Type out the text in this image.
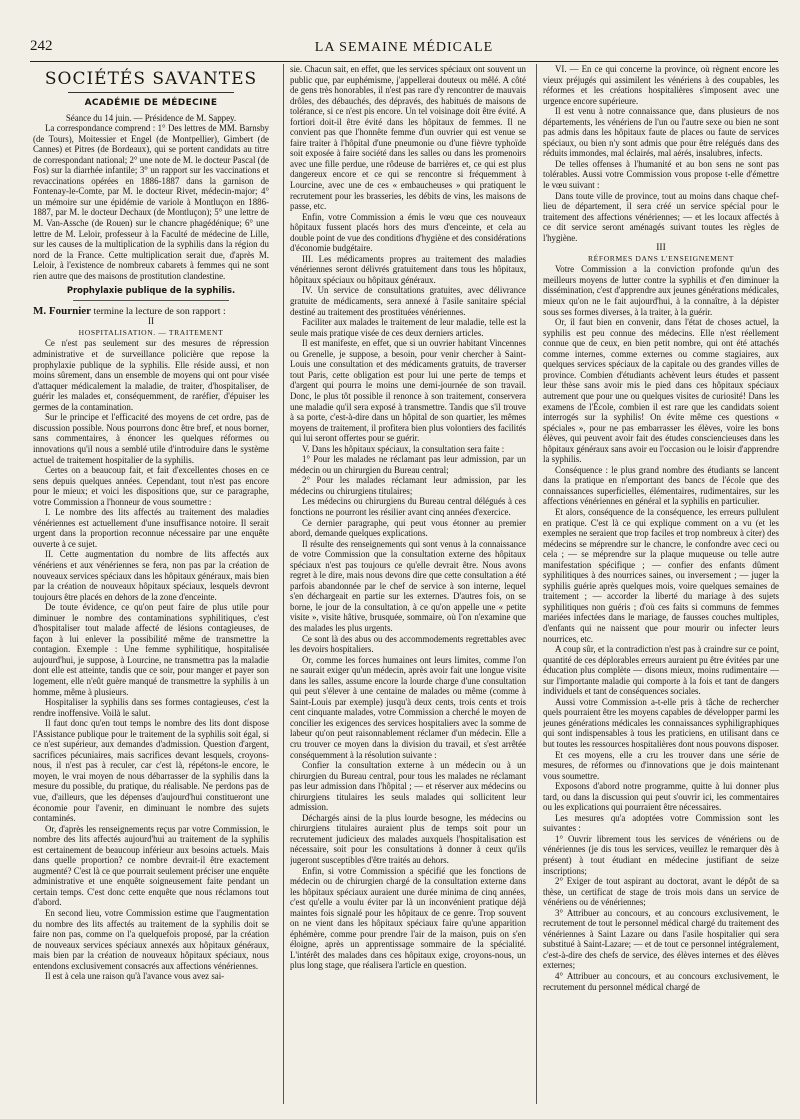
242	LA SEMAINE MÉDICALE
SOCIÉTÉS SAVANTES
ACADÉMIE DE MÉDECINE

Séance du 14 juin. — Présidence de M. Sappey.

La correspondance comprend : 1° Des lettres de MM. Barnsby (de Tours), Moitessier et Engel (de Montpellier), Gimbert (de Cannes) et Pitres (de Bordeaux), qui se portent candidats au titre de correspondant national; 2° une note de M. le docteur Pascal (de Fos) sur la diarrhée infantile; 3° un rapport sur les vaccinations et revaccinations opérées en 1886-1887 dans la garnison de Fontenay-le-Comte, par M. le docteur Rivet, médecin-major; 4° un mémoire sur une épidémie de variole à Montluçon en 1886-1887, par M. le docteur Dechaux (de Montluçon); 5° une lettre de M. Van-Assche (de Rouen) sur le chancre phagédénique; 6° une lettre de M. Leloir, professeur à la Faculté de médecine de Lille, sur les causes de la multiplication de la syphilis dans la région du nord de la France. Cette multiplication serait due, d'après M. Leloir, à l'existence de nombreux cabarets à femmes qui ne sont rien autre que des maisons de prostitution clandestine.

Prophylaxie publique de la syphilis.

M. Fournier termine la lecture de son rapport :

II

HOSPITALISATION. — TRAITEMENT

Ce n'est pas seulement sur des mesures de répression administrative et de surveillance policière que repose la prophylaxie publique de la syphilis. Elle réside aussi, et non moins sûrement, dans un ensemble de moyens qui ont pour visée d'attaquer médicalement la maladie, de traiter, d'hospitaliser, de guérir les malades et, conséquemment, de raréfier, d'épuiser les germes de la contamination.

Sur le principe et l'efficacité des moyens de cet ordre, pas de discussion possible. Nous pourrons donc être bref, et nous borner, sans commentaires, à énoncer les quelques réformes ou innovations qu'il nous a semblé utile d'introduire dans le système actuel de traitement hospitalier de la syphilis.

Certes on a beaucoup fait, et fait d'excellentes choses en ce sens depuis quelques années. Cependant, tout n'est pas encore pour le mieux; et voici les dispositions que, sur ce paragraphe, votre Commission a l'honneur de vous soumettre :

I. Le nombre des lits affectés au traitement des maladies vénériennes est actuellement d'une insuffisance notoire. Il serait urgent dans la proportion reconnue nécessaire par une enquête ouverte à ce sujet.

II. Cette augmentation du nombre de lits affectés aux vénériens et aux vénériennes se fera, non pas par la création de nouveaux services spéciaux dans les hôpitaux généraux, mais bien par la création de nouveaux hôpitaux spéciaux, lesquels devront toujours être placés en dehors de la zone d'enceinte.

De toute évidence, ce qu'on peut faire de plus utile pour diminuer le nombre des contaminations syphilitiques, c'est d'hospitaliser tout malade affecté de lésions contagieuses, de façon à lui enlever la possibilité même de transmettre la contagion. Exemple : Une femme syphilitique, hospitalisée aujourd'hui, je suppose, à Lourcine, ne transmettra pas la maladie dont elle est atteinte, tandis que ce soir, pour manger et payer son logement, elle n'eût guère manqué de transmettre la syphilis à un homme, même à plusieurs.

Hospitaliser la syphilis dans ses formes contagieuses, c'est la rendre inoffensive. Voilà le salut.

Il faut donc qu'en tout temps le nombre des lits dont dispose l'Assistance publique pour le traitement de la syphilis soit égal, si ce n'est supérieur, aux demandes d'admission. Question d'argent, sacrifices pécuniaires, mais sacrifices devant lesquels, croyons-nous, il n'est pas à reculer, car c'est là, répétons-le encore, le moyen, le vrai moyen de nous débarrasser de la syphilis dans la mesure du possible, du pratique, du réalisable. Ne perdons pas de vue, d'ailleurs, que les dépenses d'aujourd'hui constitueront une économie pour l'avenir, en diminuant le nombre des sujets contaminés.

Or, d'après les renseignements reçus par votre Commission, le nombre des lits affectés aujourd'hui au traitement de la syphilis est certainement de beaucoup inférieur aux besoins actuels. Mais dans quelle proportion? ce nombre devrait-il être exactement augmenté? C'est là ce que pourrait seulement préciser une enquête administrative et une enquête soigneusement faite pendant un certain temps. C'est donc cette enquête que nous réclamons tout d'abord.

En second lieu, votre Commission estime que l'augmentation du nombre des lits affectés au traitement de la syphilis doit se faire non pas, comme on l'a quelquefois proposé, par la création de nouveaux services spéciaux annexés aux hôpitaux généraux, mais bien par la création de nouveaux hôpitaux spéciaux, nous entendons exclusivement consacrés aux affections vénériennes.

Il est à cela une raison qu'à l'avance vous avez sai-

sie. Chacun sait, en effet, que les services spéciaux ont souvent un public que, par euphémisme, j'appellerai douteux ou mêlé. A côté de gens très honorables, il n'est pas rare d'y rencontrer de mauvais drôles, des débauchés, des dépravés, des habitués de maisons de tolérance, si ce n'est pis encore. Un tel voisinage doit être évité. A fortiori doit-il être évité dans les hôpitaux de femmes. Il ne convient pas que l'honnête femme d'un ouvrier qui est venue se faire traiter à l'hôpital d'une pneumonie ou d'une fièvre typhoïde soit exposée à faire société dans les salles ou dans les promenoirs avec une fille perdue, une rôdeuse de barrières et, ce qui est plus dangereux encore et ce qui se rencontre si fréquemment à Lourcine, avec une de ces « embaucheuses » qui pratiquent le recrutement pour les brasseries, les débits de vins, les maisons de passe, etc.

Enfin, votre Commission a émis le vœu que ces nouveaux hôpitaux fussent placés hors des murs d'enceinte, et cela au double point de vue des conditions d'hygiène et des considérations d'économie budgétaire.

III. Les médicaments propres au traitement des maladies vénériennes seront délivrés gratuitement dans tous les hôpitaux, hôpitaux spéciaux ou hôpitaux généraux.

IV. Un service de consultations gratuites, avec délivrance gratuite de médicaments, sera annexé à l'asile sanitaire spécial destiné au traitement des prostituées vénériennes.

Faciliter aux malades le traitement de leur maladie, telle est la seule mais pratique visée de ces deux derniers articles.

Il est manifeste, en effet, que si un ouvrier habitant Vincennes ou Grenelle, je suppose, a besoin, pour venir chercher à Saint-Louis une consultation et des médicaments gratuits, de traverser tout Paris, cette obligation est pour lui une perte de temps et d'argent qui pourra le moins une demi-journée de son travail. Donc, le plus tôt possible il renonce à son traitement, conservera une maladie qu'il sera exposé à transmettre. Tandis que s'il trouve à sa porte, c'est-à-dire dans un hôpital de son quartier, les mêmes moyens de traitement, il profitera bien plus volontiers des facilités qui lui seront offertes pour se guérir.

V. Dans les hôpitaux spéciaux, la consultation sera faite :

1° Pour les malades ne réclamant pas leur admission, par un médecin ou un chirurgien du Bureau central;

2° Pour les malades réclamant leur admission, par les médecins ou chirurgiens titulaires;

Les médecins ou chirurgiens du Bureau central délégués à ces fonctions ne pourront les résilier avant cinq années d'exercice.

Ce dernier paragraphe, qui peut vous étonner au premier abord, demande quelques explications.

Il résulte des renseignements qui sont venus à la connaissance de votre Commission que la consultation externe des hôpitaux spéciaux n'est pas toujours ce qu'elle devrait être. Nous avons regret à le dire, mais nous devons dire que cette consultation a été parfois abandonnée par le chef de service à son interne, lequel s'en déchargeait en partie sur les externes. D'autres fois, on se borne, le jour de la consultation, à ce qu'on appelle une « petite visite », visite hâtive, brusquée, sommaire, où l'on n'examine que des malades les plus urgents.

Ce sont là des abus ou des accommodements regrettables avec les devoirs hospitaliers.

Or, comme les forces humaines ont leurs limites, comme l'on ne saurait exiger qu'un médecin, après avoir fait une longue visite dans les salles, assume encore la lourde charge d'une consultation qui peut s'élever à une centaine de malades ou même (comme à Saint-Louis par exemple) jusqu'à deux cents, trois cents et trois cent cinquante malades, votre Commission a cherché le moyen de concilier les exigences des services hospitaliers avec la somme de labeur qu'on peut raisonnablement réclamer d'un médecin. Elle a cru trouver ce moyen dans la division du travail, et s'est arrêtée conséquemment à la résolution suivante :

Confier la consultation externe à un médecin ou à un chirurgien du Bureau central, pour tous les malades ne réclamant pas leur admission dans l'hôpital ; — et réserver aux médecins ou chirurgiens titulaires les seuls malades qui sollicitent leur admission.

Déchargés ainsi de la plus lourde besogne, les médecins ou chirurgiens titulaires auraient plus de temps soit pour un recrutement judicieux des malades auxquels l'hospitalisation est nécessaire, soit pour les consultations à donner à ceux qu'ils jugeront susceptibles d'être traités au dehors.

Enfin, si votre Commission a spécifié que les fonctions de médecin ou de chirurgien chargé de la consultation externe dans les hôpitaux spéciaux auraient une durée minima de cinq années, c'est qu'elle a voulu éviter par là un inconvénient pratique déjà maintes fois signalé pour les hôpitaux de ce genre. Trop souvent on ne vient dans les hôpitaux spéciaux faire qu'une apparition éphémère, comme pour prendre l'air de la maison, puis on s'en éloigne, après un apprentissage sommaire de la spécialité. L'intérêt des malades dans ces hôpitaux exige, croyons-nous, un plus long stage, que réalisera l'article en question.

VI. — En ce qui concerne la province, où règnent encore les vieux préjugés qui assimilent les vénériens à des coupables, les réformes et les créations hospitalières s'imposent avec une urgence encore supérieure.

Il est venu à notre connaissance que, dans plusieurs de nos départements, les vénériens de l'un ou l'autre sexe ou bien ne sont pas admis dans les hôpitaux faute de places ou faute de services spéciaux, ou bien n'y sont admis que pour être relégués dans des réduits immondes, mal éclairés, mal aérés, insalubres, infects.

De telles offenses à l'humanité et au bon sens ne sont pas tolérables. Aussi votre Commission vous propose t-elle d'émettre le vœu suivant :

Dans toute ville de province, tout au moins dans chaque chef-lieu de département, il sera créé un service spécial pour le traitement des affections vénériennes; — et les locaux affectés à ce dit service seront aménagés suivant toutes les règles de l'hygiène.

III

RÉFORMES DANS L'ENSEIGNEMENT

Votre Commission a la conviction profonde qu'un des meilleurs moyens de lutter contre la syphilis et d'en diminuer la dissémination, c'est d'apprendre aux jeunes générations médicales, mieux qu'on ne le fait aujourd'hui, à la connaître, à la dépister sous ses formes diverses, à la traiter, à la guérir.

Or, il faut bien en convenir, dans l'état de choses actuel, la syphilis est peu connue des médecins. Elle n'est réellement connue que de ceux, en bien petit nombre, qui ont été attachés comme internes, comme externes ou comme stagiaires, aux quelques services spéciaux de la capitale ou des grandes villes de province. Combien d'étudiants achèvent leurs études et passent leur thèse sans avoir mis le pied dans ces hôpitaux spéciaux autrement que pour une ou quelques visites de curiosité! Dans les examens de l'École, combien il est rare que les candidats soient interrogés sur la syphilis! On évite même ces questions « spéciales », pour ne pas embarrasser les élèves, voire les bons élèves, qui peuvent avoir fait des études consciencieuses dans les hôpitaux généraux sans avoir eu l'occasion ou le loisir d'apprendre la syphilis.

Conséquence : le plus grand nombre des étudiants se lancent dans la pratique en n'emportant des bancs de l'école que des connaissances superficielles, élémentaires, rudimentaires, sur les affections vénériennes en général et la syphilis en particulier.

Et alors, conséquence de la conséquence, les erreurs pullulent en pratique. C'est là ce qui explique comment on a vu (et les exemples ne seraient que trop faciles et trop nombreux à citer) des médecins se méprendre sur le chancre, le confondre avec ceci ou cela ; — se méprendre sur la plaque muqueuse ou telle autre manifestation spécifique ; — confier des enfants dûment syphilitiques à des nourrices saines, ou inversement ; — juger la syphilis guérie après quelques mois, voire quelques semaines de traitement ; — accorder la liberté du mariage à des sujets syphilitiques non guéris ; d'où ces faits si communs de femmes mariées infectées dans le mariage, de fausses couches multiples, d'enfants qui ne naissent que pour mourir ou infecter leurs nourrices, etc.

A coup sûr, et la contradiction n'est pas à craindre sur ce point, quantité de ces déplorables erreurs auraient pu être évitées par une éducation plus complète — disons mieux, moins rudimentaire — sur l'importante maladie qui comporte à la fois et tant de dangers individuels et tant de conséquences sociales.

Aussi votre Commission a-t-elle pris à tâche de rechercher quels pourraient être les moyens capables de développer parmi les jeunes générations médicales les connaissances syphiligraphiques qui sont indispensables à tous les praticiens, en utilisant dans ce but toutes les ressources hospitalières dont nous pouvons disposer.

Et ces moyens, elle a cru les trouver dans une série de mesures, de réformes ou d'innovations que je dois maintenant vous soumettre.

Exposons d'abord notre programme, quitte à lui donner plus tard, ou dans la discussion qui peut s'ouvrir ici, les commentaires ou les explications qui pourraient être nécessaires.

Les mesures qu'a adoptées votre Commission sont les suivantes :

1° Ouvrir librement tous les services de vénériens ou de vénériennes (je dis tous les services, veuillez le remarquer dès à présent) à tout étudiant en médecine justifiant de seize inscriptions;

2° Exiger de tout aspirant au doctorat, avant le dépôt de sa thèse, un certificat de stage de trois mois dans un service de vénériens ou de vénériennes;

3° Attribuer au concours, et au concours exclusivement, le recrutement de tout le personnel médical chargé du traitement des vénériennes à Saint Lazare ou dans l'asile hospitalier qui sera substitué à Saint-Lazare; — et de tout ce personnel intégralement, c'est-à-dire des chefs de service, des élèves internes et des élèves externes;

4° Attribuer au concours, et au concours exclusivement, le recrutement du personnel médical chargé de
